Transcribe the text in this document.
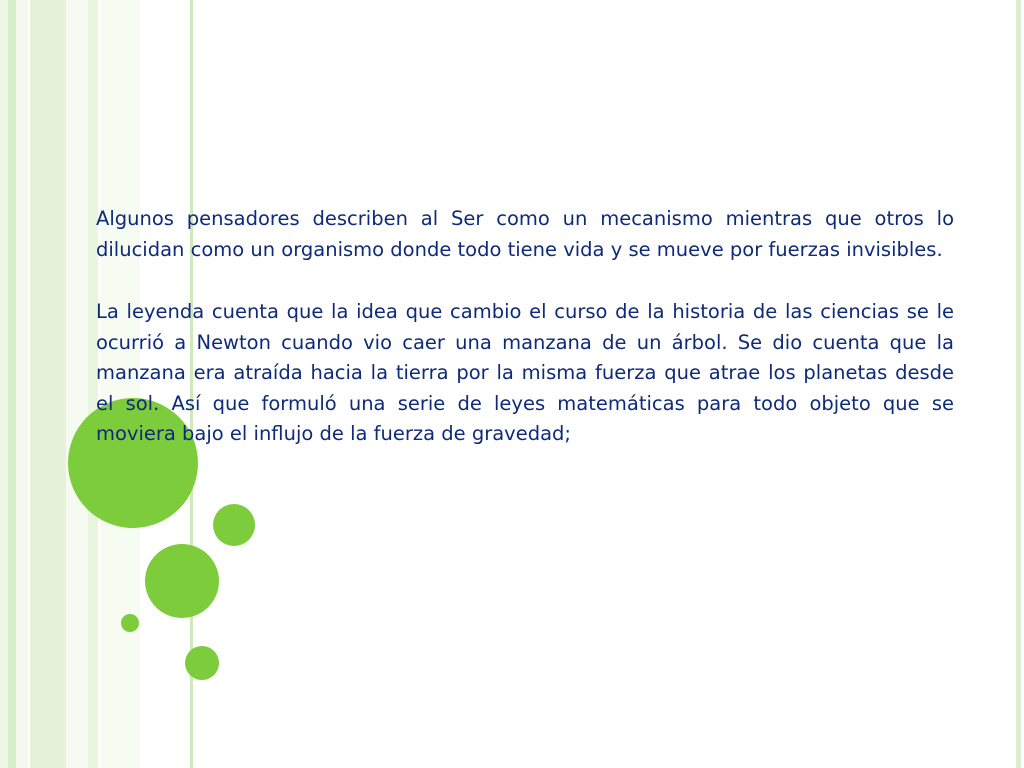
Algunos pensadores describen al Ser como un mecanismo mientras que otros lo dilucidan como un organismo donde todo tiene vida y se mueve por fuerzas invisibles.

La leyenda cuenta que la idea que cambio el curso de la historia de las ciencias se le ocurrió a Newton cuando vio caer una manzana de un árbol. Se dio cuenta que la manzana era atraída hacia la tierra por la misma fuerza que atrae los planetas desde el sol. Así que formuló una serie de leyes matemáticas para todo objeto que se moviera bajo el influjo de la fuerza de gravedad;
